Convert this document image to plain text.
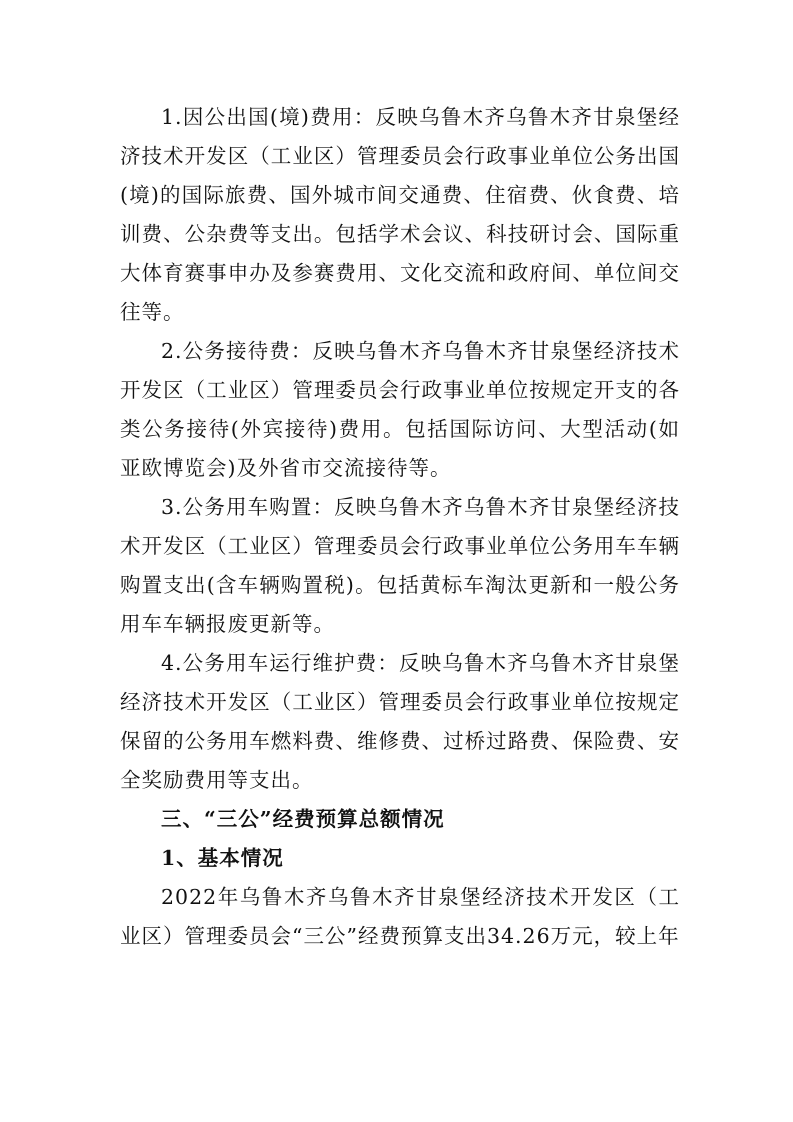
1.因公出国(境)费用：反映乌鲁木齐乌鲁木齐甘泉堡经济技术开发区（工业区）管理委员会行政事业单位公务出国(境)的国际旅费、国外城市间交通费、住宿费、伙食费、培训费、公杂费等支出。包括学术会议、科技研讨会、国际重大体育赛事申办及参赛费用、文化交流和政府间、单位间交往等。

2.公务接待费：反映乌鲁木齐乌鲁木齐甘泉堡经济技术开发区（工业区）管理委员会行政事业单位按规定开支的各类公务接待(外宾接待)费用。包括国际访问、大型活动(如亚欧博览会)及外省市交流接待等。

3.公务用车购置：反映乌鲁木齐乌鲁木齐甘泉堡经济技术开发区（工业区）管理委员会行政事业单位公务用车车辆购置支出(含车辆购置税)。包括黄标车淘汰更新和一般公务用车车辆报废更新等。

4.公务用车运行维护费：反映乌鲁木齐乌鲁木齐甘泉堡经济技术开发区（工业区）管理委员会行政事业单位按规定保留的公务用车燃料费、维修费、过桥过路费、保险费、安全奖励费用等支出。

三、“三公”经费预算总额情况

1、基本情况

2022年乌鲁木齐乌鲁木齐甘泉堡经济技术开发区（工业区）管理委员会“三公”经费预算支出34.26万元，较上年
